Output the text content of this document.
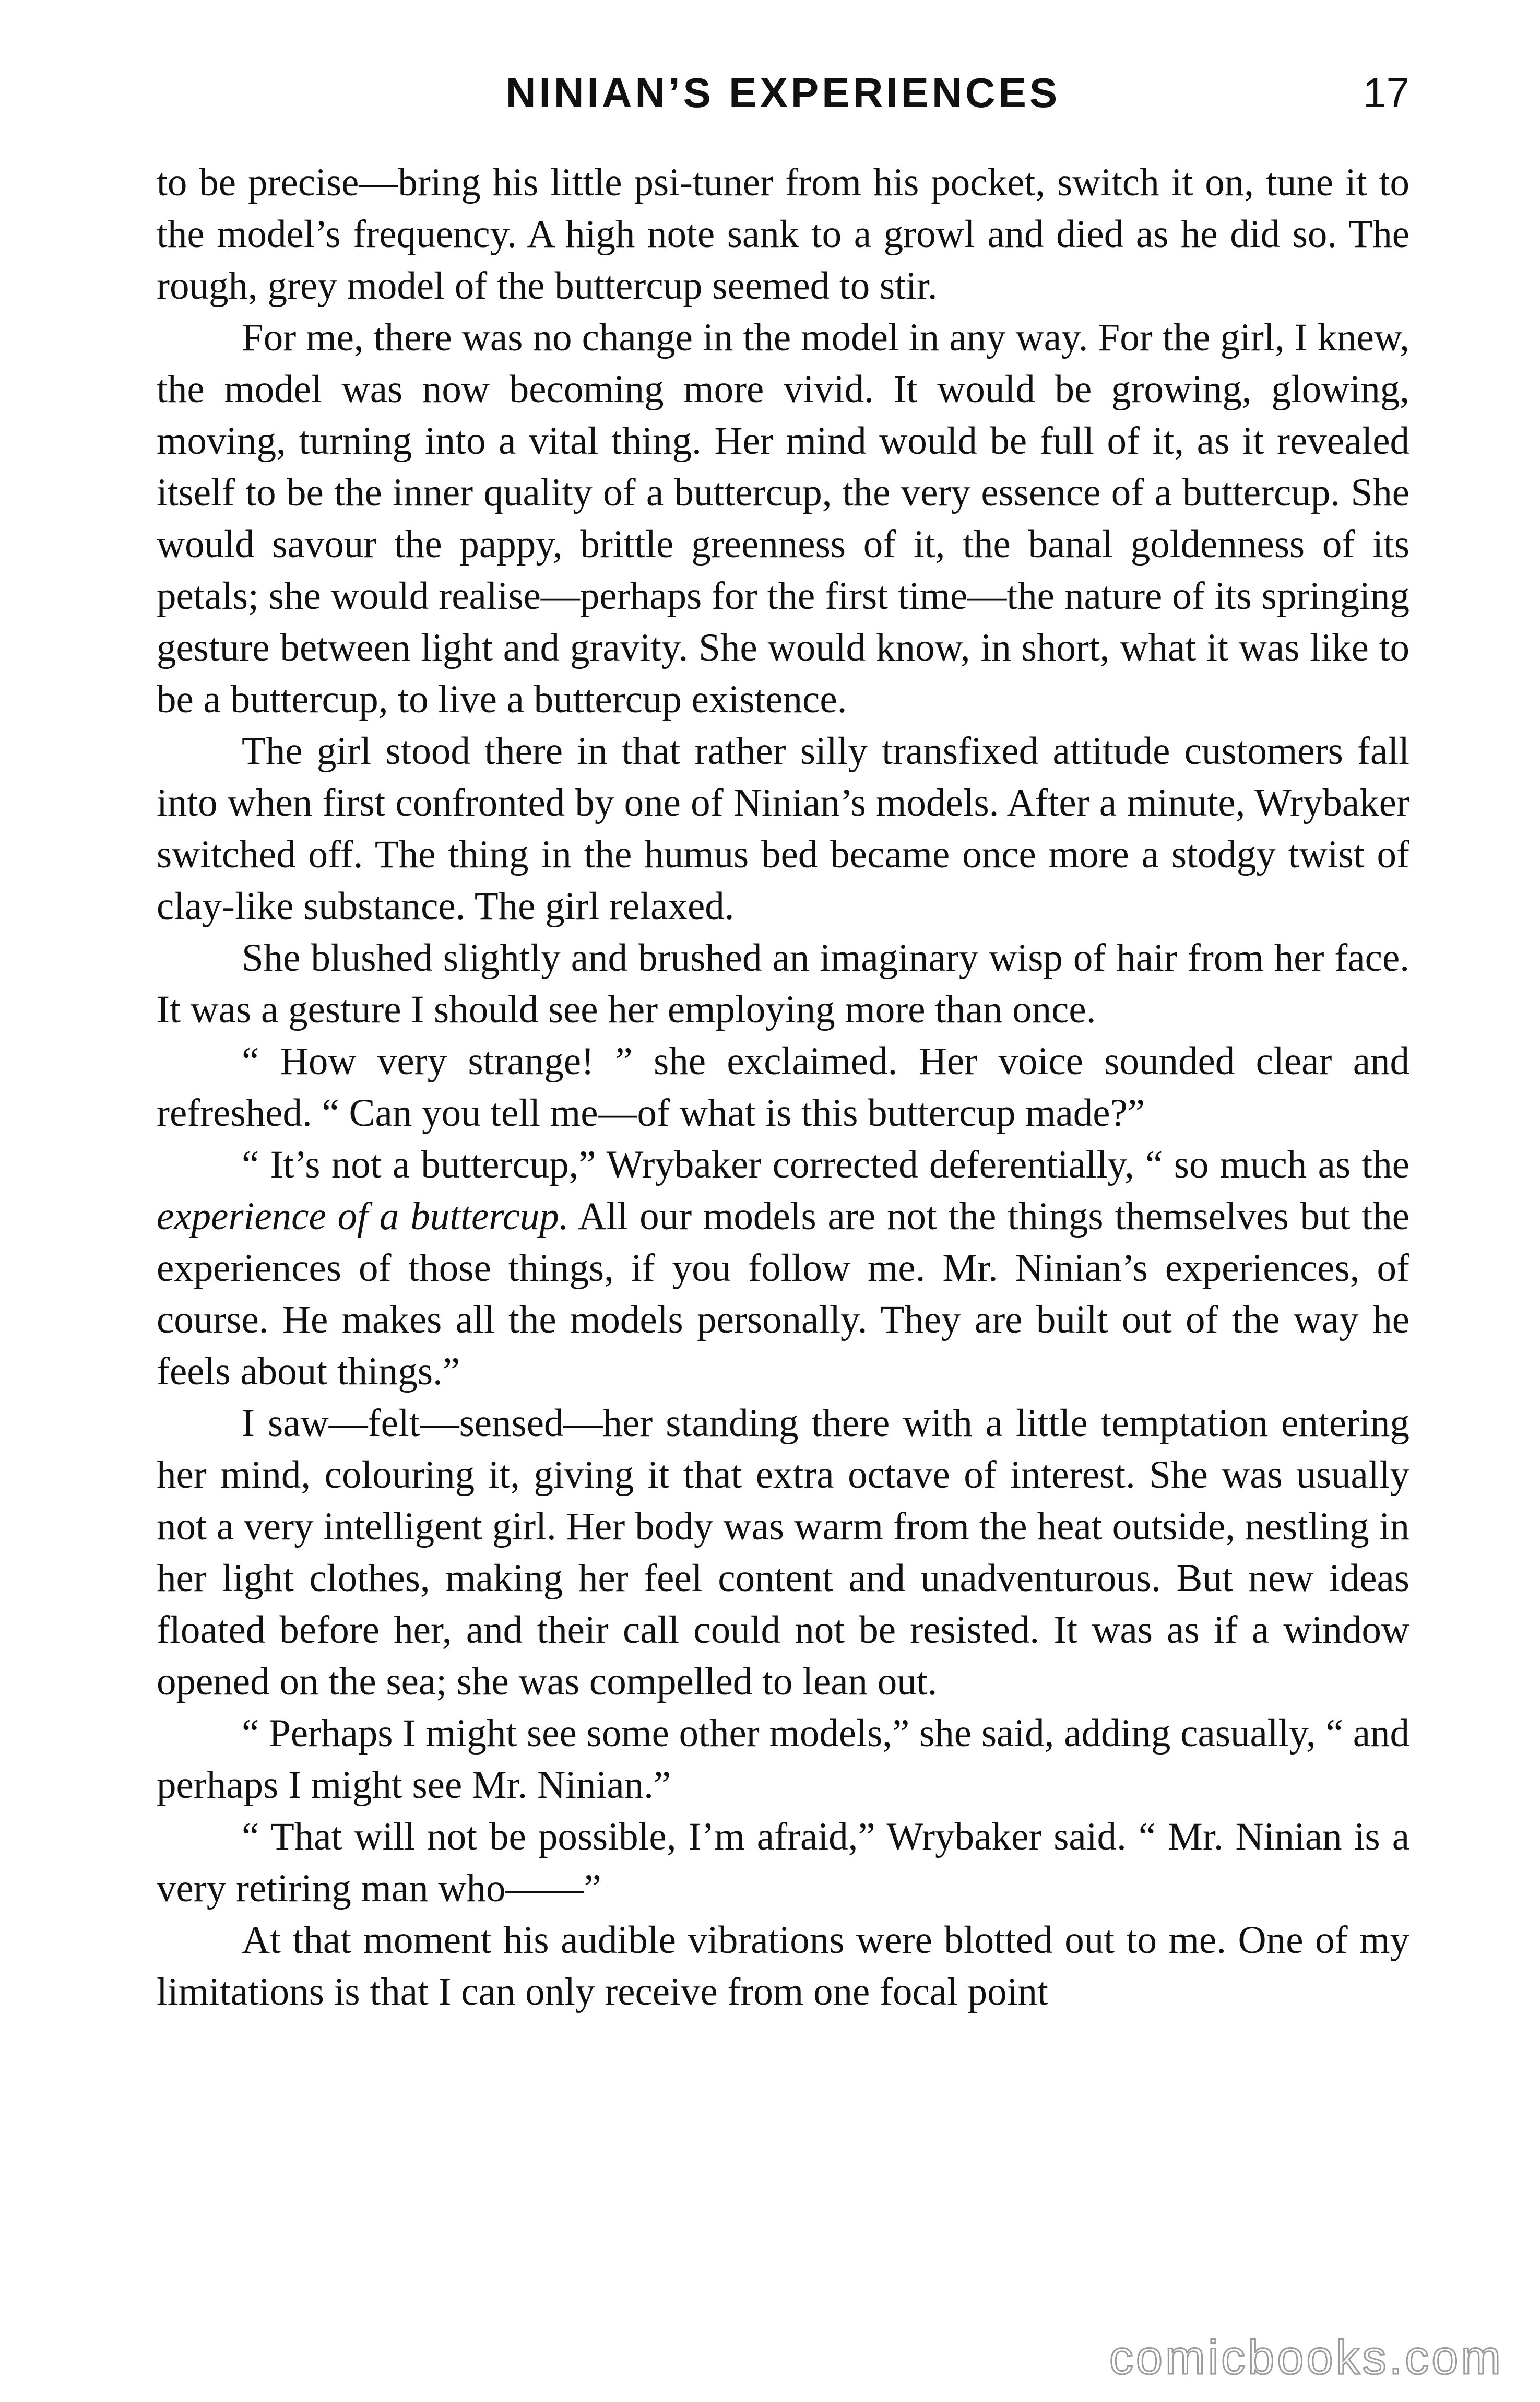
NINIAN’S EXPERIENCES	17

to be precise—bring his little psi-tuner from his pocket, switch it on, tune it to the model’s frequency. A high note sank to a growl and died as he did so. The rough, grey model of the buttercup seemed to stir.

For me, there was no change in the model in any way. For the girl, I knew, the model was now becoming more vivid. It would be growing, glowing, moving, turning into a vital thing. Her mind would be full of it, as it revealed itself to be the inner quality of a buttercup, the very essence of a buttercup. She would savour the pappy, brittle greenness of it, the banal goldenness of its petals; she would realise—perhaps for the first time—the nature of its springing gesture between light and gravity. She would know, in short, what it was like to be a buttercup, to live a buttercup existence.

The girl stood there in that rather silly transfixed attitude customers fall into when first confronted by one of Ninian’s models. After a minute, Wrybaker switched off. The thing in the humus bed became once more a stodgy twist of clay-like substance. The girl relaxed.

She blushed slightly and brushed an imaginary wisp of hair from her face. It was a gesture I should see her employing more than once.

“ How very strange! ” she exclaimed. Her voice sounded clear and refreshed. “ Can you tell me—of what is this buttercup made?”

“ It’s not a buttercup,” Wrybaker corrected deferentially, “ so much as the experience of a buttercup. All our models are not the things themselves but the experiences of those things, if you follow me. Mr. Ninian’s experiences, of course. He makes all the models personally. They are built out of the way he feels about things.”

I saw—felt—sensed—her standing there with a little temptation entering her mind, colouring it, giving it that extra octave of interest. She was usually not a very intelligent girl. Her body was warm from the heat outside, nestling in her light clothes, making her feel content and unadventurous. But new ideas floated before her, and their call could not be resisted. It was as if a window opened on the sea; she was compelled to lean out.

“ Perhaps I might see some other models,” she said, adding casually, “ and perhaps I might see Mr. Ninian.”

“ That will not be possible, I’m afraid,” Wrybaker said. “ Mr. Ninian is a very retiring man who——”

At that moment his audible vibrations were blotted out to me. One of my limitations is that I can only receive from one focal point

comicbooks.com
